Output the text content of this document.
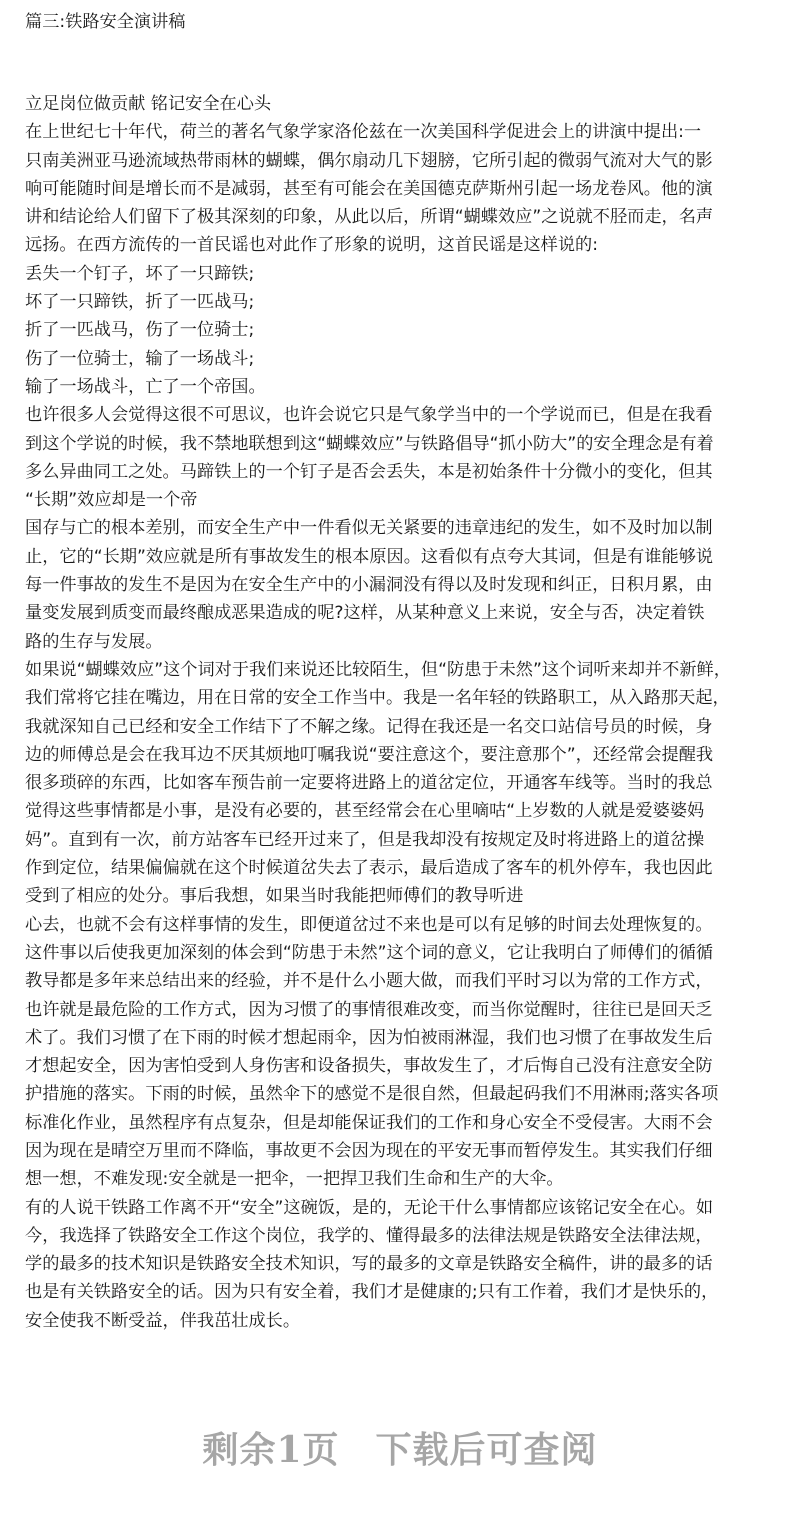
篇三:铁路安全演讲稿
立足岗位做贡献 铭记安全在心头
在上世纪七十年代，荷兰的著名气象学家洛伦兹在一次美国科学促进会上的讲演中提出:一
只南美洲亚马逊流域热带雨林的蝴蝶，偶尔扇动几下翅膀，它所引起的微弱气流对大气的影
响可能随时间是增长而不是减弱，甚至有可能会在美国德克萨斯州引起一场龙卷风。他的演
讲和结论给人们留下了极其深刻的印象，从此以后，所谓“蝴蝶效应”之说就不胫而走，名声
远扬。在西方流传的一首民谣也对此作了形象的说明，这首民谣是这样说的:
丢失一个钉子，坏了一只蹄铁;
坏了一只蹄铁，折了一匹战马;
折了一匹战马，伤了一位骑士;
伤了一位骑士，输了一场战斗;
输了一场战斗，亡了一个帝国。
也许很多人会觉得这很不可思议，也许会说它只是气象学当中的一个学说而已，但是在我看
到这个学说的时候，我不禁地联想到这“蝴蝶效应”与铁路倡导“抓小防大”的安全理念是有着
多么异曲同工之处。马蹄铁上的一个钉子是否会丢失，本是初始条件十分微小的变化，但其
“长期”效应却是一个帝
国存与亡的根本差别，而安全生产中一件看似无关紧要的违章违纪的发生，如不及时加以制
止，它的“长期”效应就是所有事故发生的根本原因。这看似有点夸大其词，但是有谁能够说
每一件事故的发生不是因为在安全生产中的小漏洞没有得以及时发现和纠正，日积月累，由
量变发展到质变而最终酿成恶果造成的呢?这样，从某种意义上来说，安全与否，决定着铁
路的生存与发展。
如果说“蝴蝶效应”这个词对于我们来说还比较陌生，但“防患于未然”这个词听来却并不新鲜，
我们常将它挂在嘴边，用在日常的安全工作当中。我是一名年轻的铁路职工，从入路那天起，
我就深知自己已经和安全工作结下了不解之缘。记得在我还是一名交口站信号员的时候，身
边的师傅总是会在我耳边不厌其烦地叮嘱我说“要注意这个，要注意那个”，还经常会提醒我
很多琐碎的东西，比如客车预告前一定要将进路上的道岔定位，开通客车线等。当时的我总
觉得这些事情都是小事，是没有必要的，甚至经常会在心里嘀咕“上岁数的人就是爱婆婆妈
妈”。直到有一次，前方站客车已经开过来了，但是我却没有按规定及时将进路上的道岔操
作到定位，结果偏偏就在这个时候道岔失去了表示，最后造成了客车的机外停车，我也因此
受到了相应的处分。事后我想，如果当时我能把师傅们的教导听进
心去，也就不会有这样事情的发生，即便道岔过不来也是可以有足够的时间去处理恢复的。
这件事以后使我更加深刻的体会到“防患于未然”这个词的意义，它让我明白了师傅们的循循
教导都是多年来总结出来的经验，并不是什么小题大做，而我们平时习以为常的工作方式，
也许就是最危险的工作方式，因为习惯了的事情很难改变，而当你觉醒时，往往已是回天乏
术了。我们习惯了在下雨的时候才想起雨伞，因为怕被雨淋湿，我们也习惯了在事故发生后
才想起安全，因为害怕受到人身伤害和设备损失，事故发生了，才后悔自己没有注意安全防
护措施的落实。下雨的时候，虽然伞下的感觉不是很自然，但最起码我们不用淋雨;落实各项
标准化作业，虽然程序有点复杂，但是却能保证我们的工作和身心安全不受侵害。大雨不会
因为现在是晴空万里而不降临，事故更不会因为现在的平安无事而暂停发生。其实我们仔细
想一想，不难发现:安全就是一把伞，一把捍卫我们生命和生产的大伞。
有的人说干铁路工作离不开“安全”这碗饭，是的，无论干什么事情都应该铭记安全在心。如
今，我选择了铁路安全工作这个岗位，我学的、懂得最多的法律法规是铁路安全法律法规，
学的最多的技术知识是铁路安全技术知识，写的最多的文章是铁路安全稿件，讲的最多的话
也是有关铁路安全的话。因为只有安全着，我们才是健康的;只有工作着，我们才是快乐的，
安全使我不断受益，伴我茁壮成长。
剩余1页 下载后可查阅
